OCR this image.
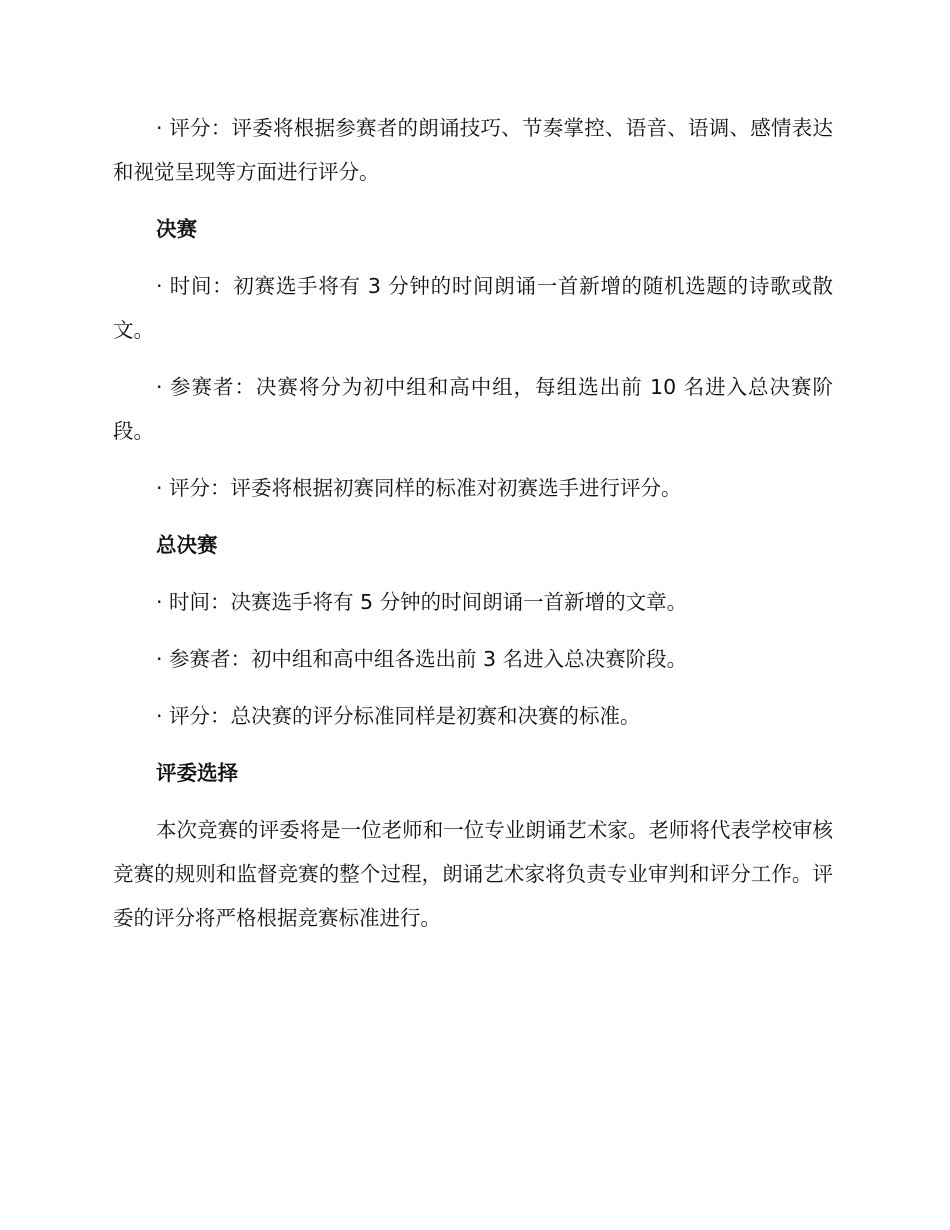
· 评分：评委将根据参赛者的朗诵技巧、节奏掌控、语音、语调、感情表达和视觉呈现等方面进行评分。

决赛

· 时间：初赛选手将有 3 分钟的时间朗诵一首新增的随机选题的诗歌或散文。

· 参赛者：决赛将分为初中组和高中组，每组选出前 10 名进入总决赛阶段。

· 评分：评委将根据初赛同样的标准对初赛选手进行评分。

总决赛

· 时间：决赛选手将有 5 分钟的时间朗诵一首新增的文章。

· 参赛者：初中组和高中组各选出前 3 名进入总决赛阶段。

· 评分：总决赛的评分标准同样是初赛和决赛的标准。

评委选择

本次竞赛的评委将是一位老师和一位专业朗诵艺术家。老师将代表学校审核竞赛的规则和监督竞赛的整个过程，朗诵艺术家将负责专业审判和评分工作。评委的评分将严格根据竞赛标准进行。
